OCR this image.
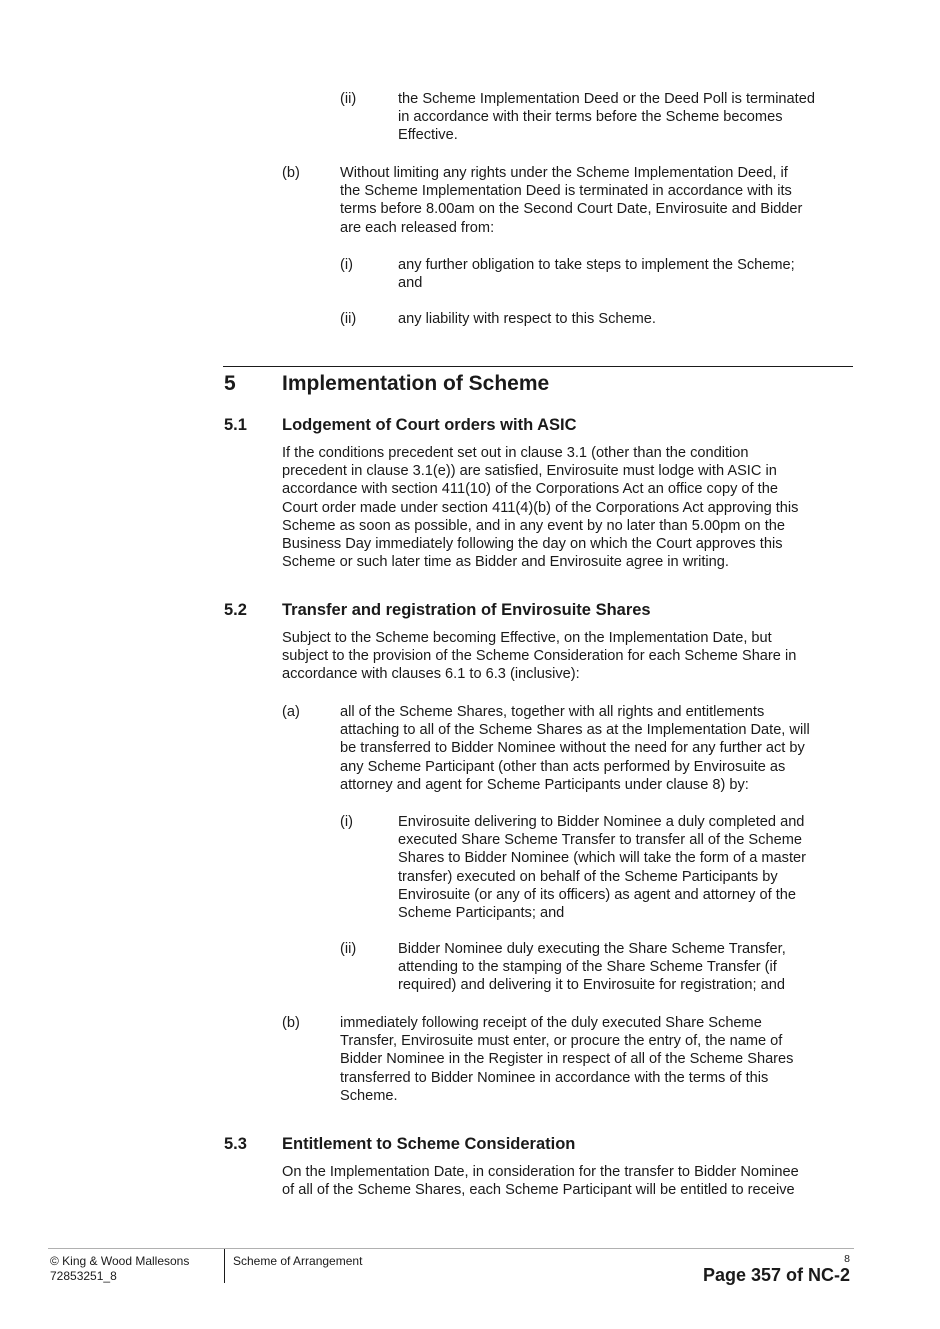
(ii)	the Scheme Implementation Deed or the Deed Poll is terminated
in accordance with their terms before the Scheme becomes
Effective.
(b)	Without limiting any rights under the Scheme Implementation Deed, if
the Scheme Implementation Deed is terminated in accordance with its
terms before 8.00am on the Second Court Date, Envirosuite and Bidder
are each released from:
(i)	any further obligation to take steps to implement the Scheme;
and
(ii)	any liability with respect to this Scheme.
5 Implementation of Scheme
5.1 Lodgement of Court orders with ASIC
If the conditions precedent set out in clause 3.1 (other than the condition
precedent in clause 3.1(e)) are satisfied, Envirosuite must lodge with ASIC in
accordance with section 411(10) of the Corporations Act an office copy of the
Court order made under section 411(4)(b) of the Corporations Act approving this
Scheme as soon as possible, and in any event by no later than 5.00pm on the
Business Day immediately following the day on which the Court approves this
Scheme or such later time as Bidder and Envirosuite agree in writing.
5.2 Transfer and registration of Envirosuite Shares
Subject to the Scheme becoming Effective, on the Implementation Date, but
subject to the provision of the Scheme Consideration for each Scheme Share in
accordance with clauses 6.1 to 6.3 (inclusive):
(a)	all of the Scheme Shares, together with all rights and entitlements
attaching to all of the Scheme Shares as at the Implementation Date, will
be transferred to Bidder Nominee without the need for any further act by
any Scheme Participant (other than acts performed by Envirosuite as
attorney and agent for Scheme Participants under clause 8) by:
(i)	Envirosuite delivering to Bidder Nominee a duly completed and
executed Share Scheme Transfer to transfer all of the Scheme
Shares to Bidder Nominee (which will take the form of a master
transfer) executed on behalf of the Scheme Participants by
Envirosuite (or any of its officers) as agent and attorney of the
Scheme Participants; and
(ii)	Bidder Nominee duly executing the Share Scheme Transfer,
attending to the stamping of the Share Scheme Transfer (if
required) and delivering it to Envirosuite for registration; and
(b)	immediately following receipt of the duly executed Share Scheme
Transfer, Envirosuite must enter, or procure the entry of, the name of
Bidder Nominee in the Register in respect of all of the Scheme Shares
transferred to Bidder Nominee in accordance with the terms of this
Scheme.
5.3 Entitlement to Scheme Consideration
On the Implementation Date, in consideration for the transfer to Bidder Nominee
of all of the Scheme Shares, each Scheme Participant will be entitled to receive
© King & Wood Mallesons
72853251_8
Scheme of Arrangement	8
Page 357 of NC-2
